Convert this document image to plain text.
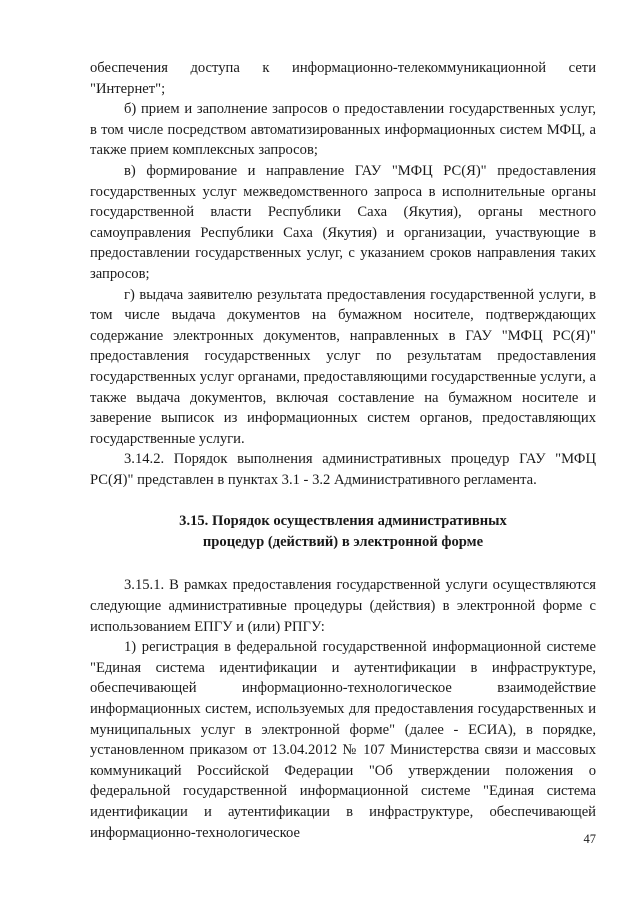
обеспечения доступа к информационно-телекоммуникационной сети "Интернет";

б) прием и заполнение запросов о предоставлении государственных услуг, в том числе посредством автоматизированных информационных систем МФЦ, а также прием комплексных запросов;

в) формирование и направление ГАУ "МФЦ РС(Я)" предоставления государственных услуг межведомственного запроса в исполнительные органы государственной власти Республики Саха (Якутия), органы местного самоуправления Республики Саха (Якутия) и организации, участвующие в предоставлении государственных услуг, с указанием сроков направления таких запросов;

г) выдача заявителю результата предоставления государственной услуги, в том числе выдача документов на бумажном носителе, подтверждающих содержание электронных документов, направленных в ГАУ "МФЦ РС(Я)" предоставления государственных услуг по результатам предоставления государственных услуг органами, предоставляющими государственные услуги, а также выдача документов, включая составление на бумажном носителе и заверение выписок из информационных систем органов, предоставляющих государственные услуги.

3.14.2. Порядок выполнения административных процедур ГАУ "МФЦ РС(Я)" представлен в пунктах 3.1 - 3.2 Административного регламента.

3.15. Порядок осуществления административных
процедур (действий) в электронной форме

3.15.1. В рамках предоставления государственной услуги осуществляются следующие административные процедуры (действия) в электронной форме с использованием ЕПГУ и (или) РПГУ:

1) регистрация в федеральной государственной информационной системе "Единая система идентификации и аутентификации в инфраструктуре, обеспечивающей информационно-технологическое взаимодействие информационных систем, используемых для предоставления государственных и муниципальных услуг в электронной форме" (далее - ЕСИА), в порядке, установленном приказом от 13.04.2012 № 107 Министерства связи и массовых коммуникаций Российской Федерации "Об утверждении положения о федеральной государственной информационной системе "Единая система идентификации и аутентификации в инфраструктуре, обеспечивающей информационно-технологическое	47
